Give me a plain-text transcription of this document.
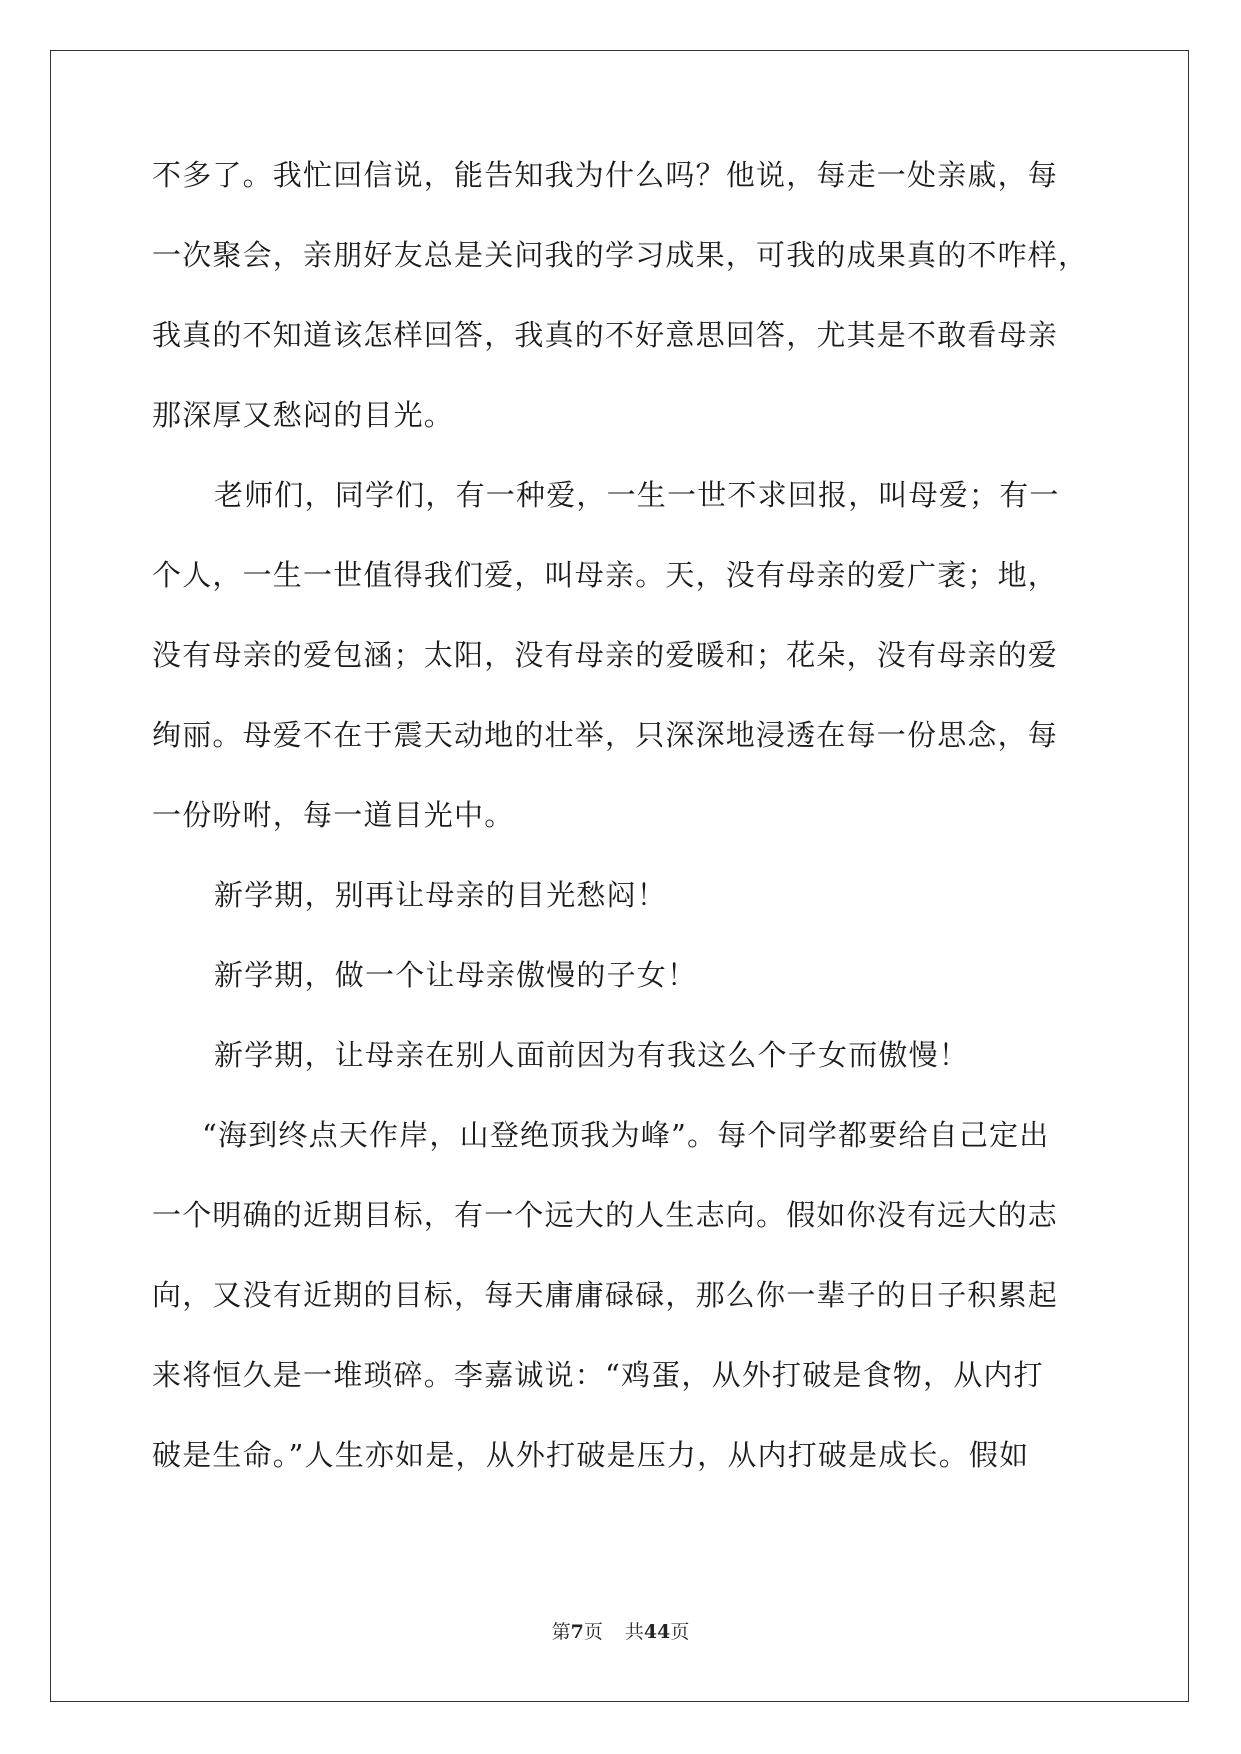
不多了。我忙回信说，能告知我为什么吗？他说，每走一处亲戚，每
一次聚会，亲朋好友总是关问我的学习成果，可我的成果真的不咋样，
我真的不知道该怎样回答，我真的不好意思回答，尤其是不敢看母亲
那深厚又愁闷的目光。
老师们，同学们，有一种爱，一生一世不求回报，叫母爱；有一
个人，一生一世值得我们爱，叫母亲。天，没有母亲的爱广袤；地，
没有母亲的爱包涵；太阳，没有母亲的爱暖和；花朵，没有母亲的爱
绚丽。母爱不在于震天动地的壮举，只深深地浸透在每一份思念，每
一份吩咐，每一道目光中。
新学期，别再让母亲的目光愁闷！
新学期，做一个让母亲傲慢的子女！
新学期，让母亲在别人面前因为有我这么个子女而傲慢！
“海到终点天作岸，山登绝顶我为峰”。每个同学都要给自己定出
一个明确的近期目标，有一个远大的人生志向。假如你没有远大的志
向，又没有近期的目标，每天庸庸碌碌，那么你一辈子的日子积累起
来将恒久是一堆琐碎。李嘉诚说：“鸡蛋，从外打破是食物，从内打
破是生命。”人生亦如是，从外打破是压力，从内打破是成长。假如
第7页 共44页
